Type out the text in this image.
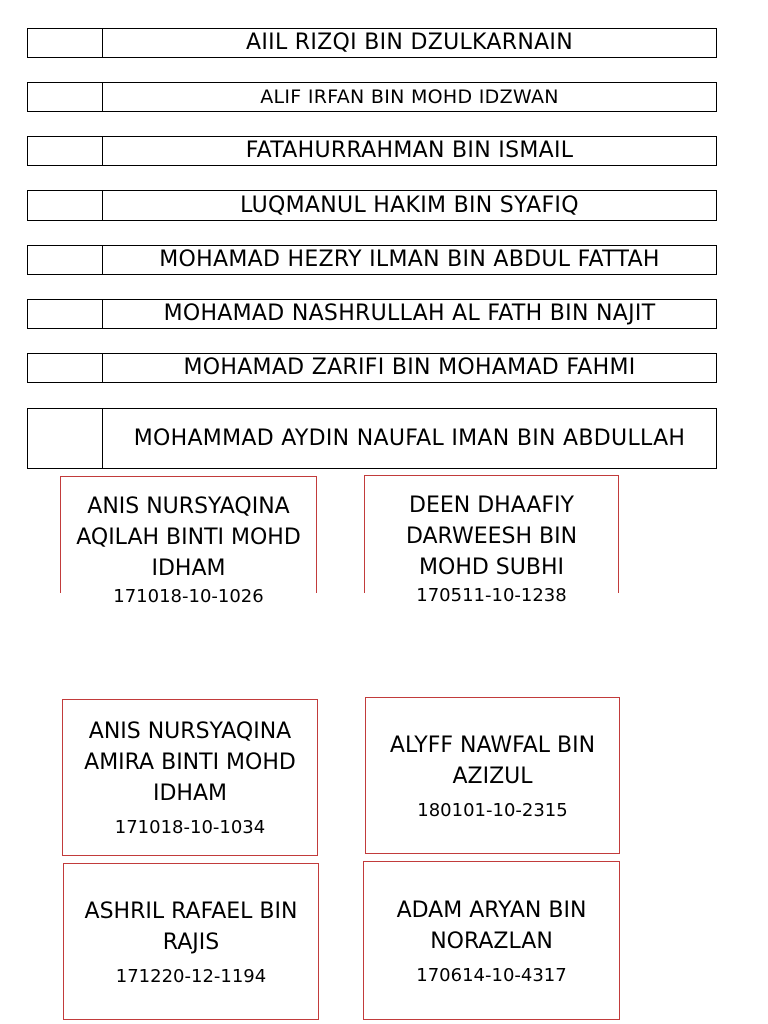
AIIL RIZQI BIN DZULKARNAIN
ALIF IRFAN BIN MOHD IDZWAN
FATAHURRAHMAN BIN ISMAIL
LUQMANUL HAKIM BIN SYAFIQ
MOHAMAD HEZRY ILMAN BIN ABDUL FATTAH
MOHAMAD NASHRULLAH AL FATH BIN NAJIT
MOHAMAD ZARIFI BIN MOHAMAD FAHMI
MOHAMMAD AYDIN NAUFAL IMAN BIN ABDULLAH
ANIS NURSYAQINA AQILAH BINTI MOHD IDHAM
171018-10-1026
DEEN DHAAFIY DARWEESH BIN MOHD SUBHI
170511-10-1238
ANIS NURSYAQINA AMIRA BINTI MOHD IDHAM
171018-10-1034
ALYFF NAWFAL BIN AZIZUL
180101-10-2315
ASHRIL RAFAEL BIN RAJIS
171220-12-1194
ADAM ARYAN BIN NORAZLAN
170614-10-4317
